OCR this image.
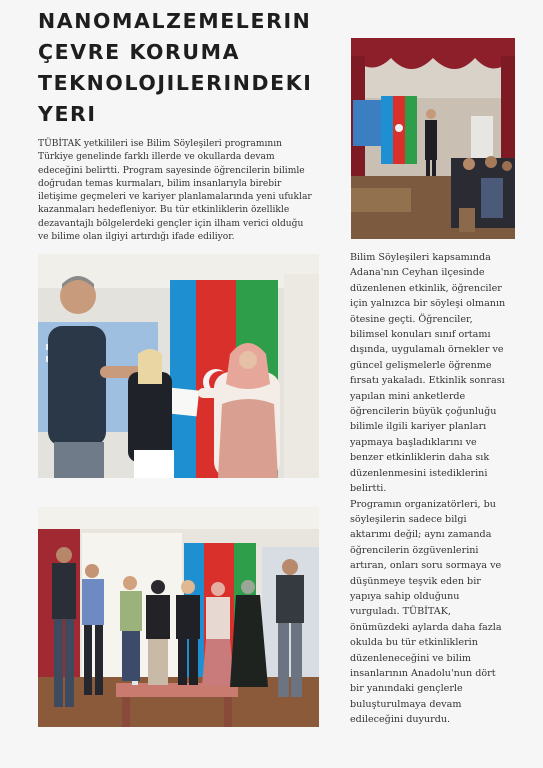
NANOMALZEMELERIN
ÇEVRE KORUMA
TEKNOLOJILERINDEKI
YERI

TÜBİTAK yetkilileri ise Bilim Söyleşileri programının
Türkiye genelinde farklı illerde ve okullarda devam
edeceğini belirtti. Program sayesinde öğrencilerin bilimle
doğrudan temas kurmaları, bilim insanlarıyla birebir
iletişime geçmeleri ve kariyer planlamalarında yeni ufuklar
kazanmaları hedefleniyor. Bu tür etkinliklerin özellikle
dezavantajlı bölgelerdeki gençler için ilham verici olduğu
ve bilime olan ilgiyi artırdığı ifade ediliyor.

Bilim Söyleşileri kapsamında
Adana'nın Ceyhan ilçesinde
düzenlenen etkinlik, öğrenciler
için yalnızca bir söyleşi olmanın
ötesine geçti. Öğrenciler,
bilimsel konuları sınıf ortamı
dışında, uygulamalı örnekler ve
güncel gelişmelerle öğrenme
fırsatı yakaladı. Etkinlik sonrası
yapılan mini anketlerde
öğrencilerin büyük çoğunluğu
bilimle ilgili kariyer planları
yapmaya başladıklarını ve
benzer etkinliklerin daha sık
düzenlenmesini istediklerini
belirtti.
Programın organizatörleri, bu
söyleşilerin sadece bilgi
aktarımı değil; aynı zamanda
öğrencilerin özgüvenlerini
artıran, onları soru sormaya ve
düşünmeye teşvik eden bir
yapıya sahip olduğunu
vurguladı. TÜBİTAK,
önümüzdeki aylarda daha fazla
okulda bu tür etkinliklerin
düzenleneceğini ve bilim
insanlarının Anadolu'nun dört
bir yanındaki gençlerle
buluşturulmaya devam
edileceğini duyurdu.
